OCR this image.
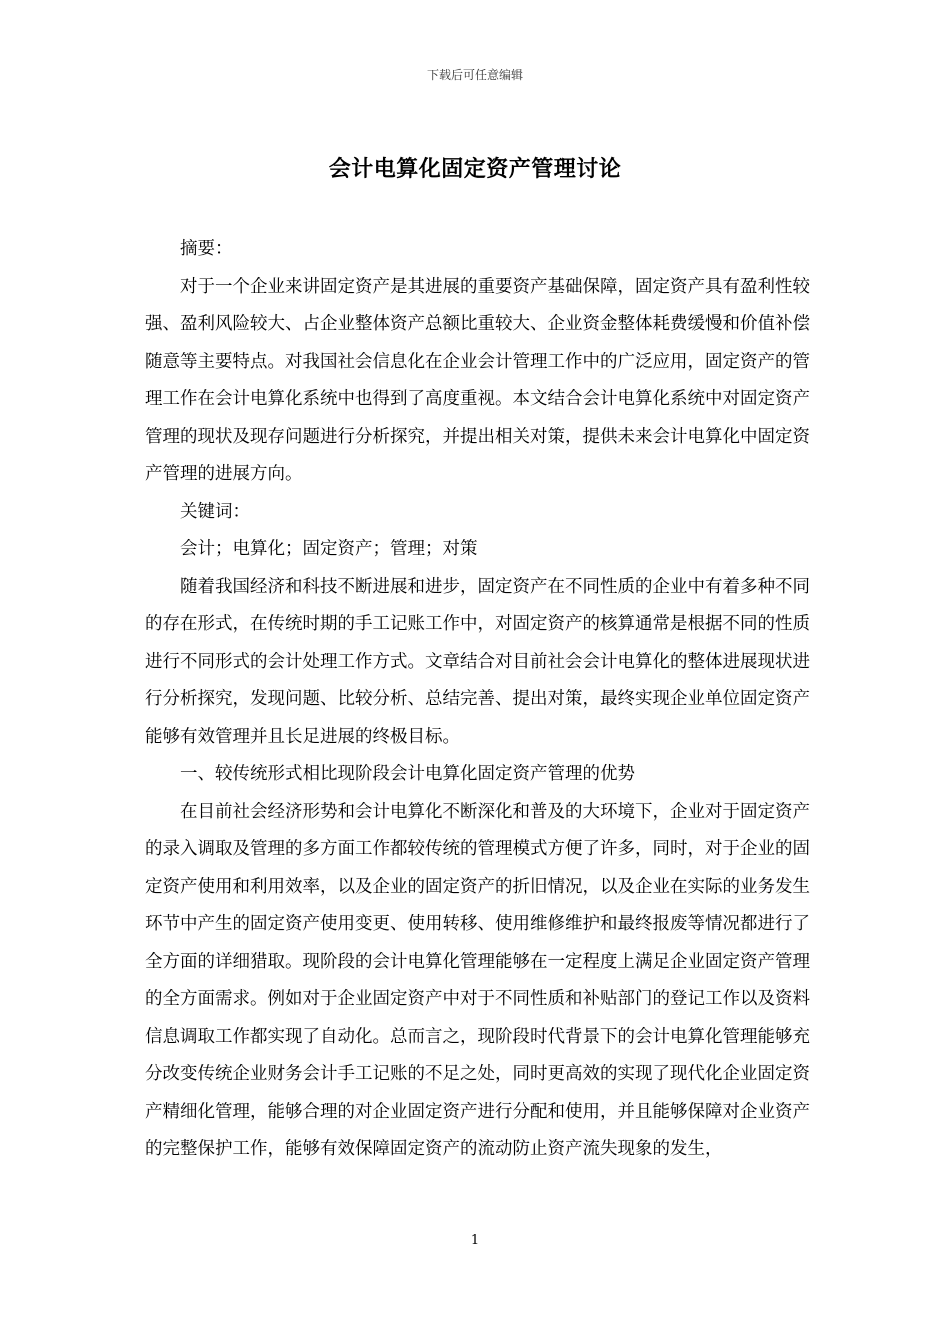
下载后可任意编辑
会计电算化固定资产管理讨论

摘要：

对于一个企业来讲固定资产是其进展的重要资产基础保障，固定资产具有盈利性较强、盈利风险较大、占企业整体资产总额比重较大、企业资金整体耗费缓慢和价值补偿随意等主要特点。对我国社会信息化在企业会计管理工作中的广泛应用，固定资产的管理工作在会计电算化系统中也得到了高度重视。本文结合会计电算化系统中对固定资产管理的现状及现存问题进行分析探究，并提出相关对策，提供未来会计电算化中固定资产管理的进展方向。

关键词：

会计；电算化；固定资产；管理；对策

随着我国经济和科技不断进展和进步，固定资产在不同性质的企业中有着多种不同的存在形式，在传统时期的手工记账工作中，对固定资产的核算通常是根据不同的性质进行不同形式的会计处理工作方式。文章结合对目前社会会计电算化的整体进展现状进行分析探究，发现问题、比较分析、总结完善、提出对策，最终实现企业单位固定资产能够有效管理并且长足进展的终极目标。

一、较传统形式相比现阶段会计电算化固定资产管理的优势

在目前社会经济形势和会计电算化不断深化和普及的大环境下，企业对于固定资产的录入调取及管理的多方面工作都较传统的管理模式方便了许多，同时，对于企业的固定资产使用和利用效率，以及企业的固定资产的折旧情况，以及企业在实际的业务发生环节中产生的固定资产使用变更、使用转移、使用维修维护和最终报废等情况都进行了全方面的详细猎取。现阶段的会计电算化管理能够在一定程度上满足企业固定资产管理的全方面需求。例如对于企业固定资产中对于不同性质和补贴部门的登记工作以及资料信息调取工作都实现了自动化。总而言之，现阶段时代背景下的会计电算化管理能够充分改变传统企业财务会计手工记账的不足之处，同时更高效的实现了现代化企业固定资产精细化管理，能够合理的对企业固定资产进行分配和使用，并且能够保障对企业资产的完整保护工作，能够有效保障固定资产的流动防止资产流失现象的发生，

1
